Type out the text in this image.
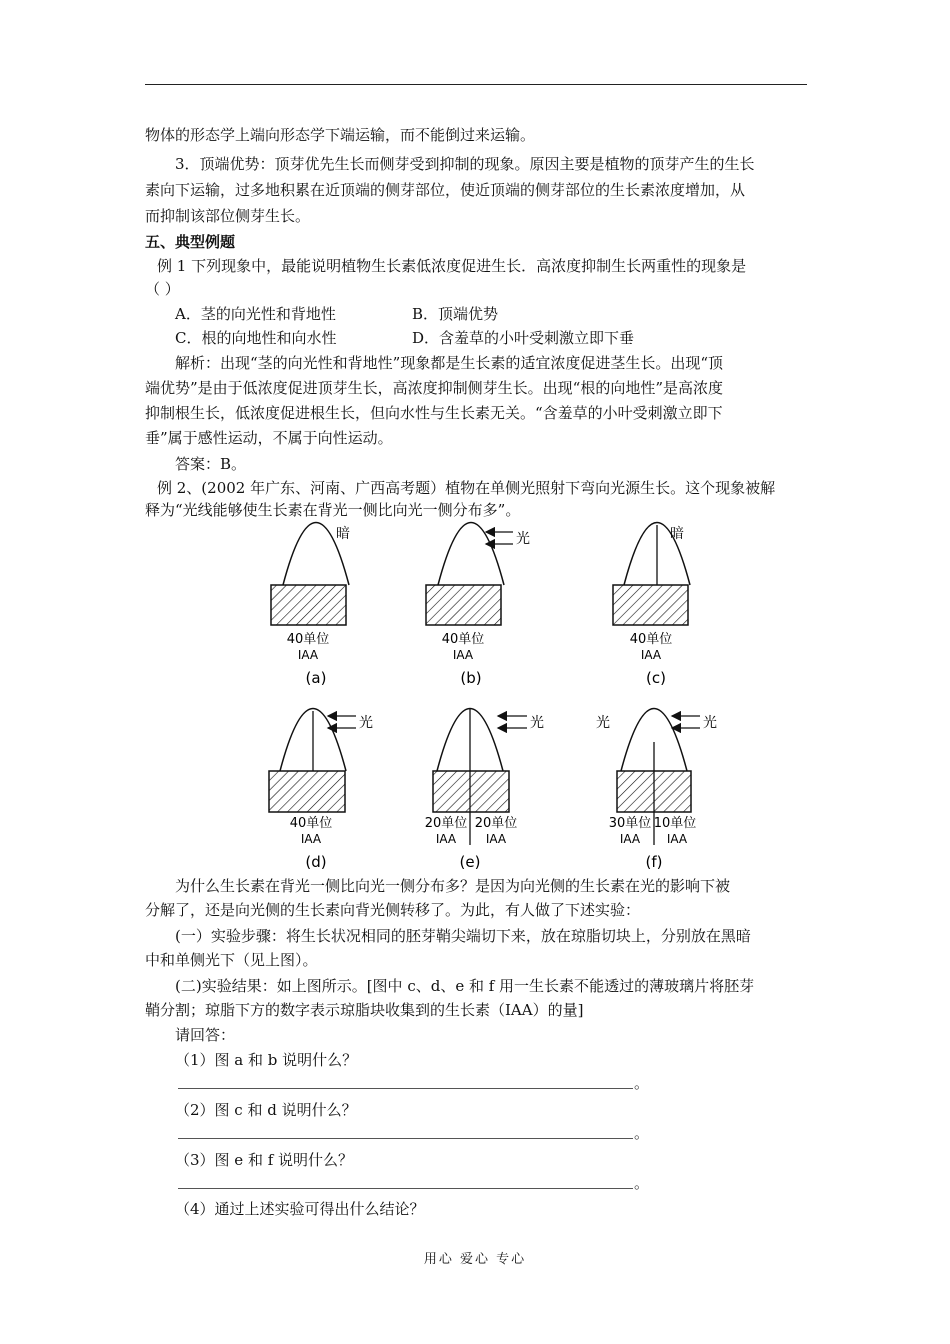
物体的形态学上端向形态学下端运输，而不能倒过来运输。
3．顶端优势：顶芽优先生长而侧芽受到抑制的现象。原因主要是植物的顶芽产生的生长
素向下运输，过多地积累在近顶端的侧芽部位，使近顶端的侧芽部位的生长素浓度增加，从
而抑制该部位侧芽生长。
五、典型例题
例 1 下列现象中，最能说明植物生长素低浓度促进生长．高浓度抑制生长两重性的现象是
（ ）
A．茎的向光性和背地性	B．顶端优势
C．根的向地性和向水性	D．含羞草的小叶受刺激立即下垂
解析：出现“茎的向光性和背地性”现象都是生长素的适宜浓度促进茎生长。出现“顶
端优势”是由于低浓度促进顶芽生长，高浓度抑制侧芽生长。出现“根的向地性”是高浓度
抑制根生长，低浓度促进根生长，但向水性与生长素无关。“含羞草的小叶受刺激立即下
垂”属于感性运动，不属于向性运动。
答案：B。
例 2、(2002 年广东、河南、广西高考题）植物在单侧光照射下弯向光源生长。这个现象被解
释为“光线能够使生长素在背光一侧比向光一侧分布多”。
暗
40单位
IAA
(a)
光
40单位
IAA
(b)
暗
40单位
IAA
(c)
光
40单位
IAA
(d)
光
20单位
IAA
20单位
IAA
(e)
光	光
30单位
IAA
10单位
IAA
(f)
为什么生长素在背光一侧比向光一侧分布多？是因为向光侧的生长素在光的影响下被
分解了，还是向光侧的生长素向背光侧转移了。为此，有人做了下述实验：
(一）实验步骤：将生长状况相同的胚芽鞘尖端切下来，放在琼脂切块上，分别放在黑暗
中和单侧光下（见上图）。
(二)实验结果：如上图所示。[图中 c、d、e 和 f 用一生长素不能透过的薄玻璃片将胚芽
鞘分割；琼脂下方的数字表示琼脂块收集到的生长素（IAA）的量]
请回答：
（1）图 a 和 b 说明什么？
。
（2）图 c 和 d 说明什么？
。
（3）图 e 和 f 说明什么？
。
（4）通过上述实验可得出什么结论？
用心 爱心 专心
